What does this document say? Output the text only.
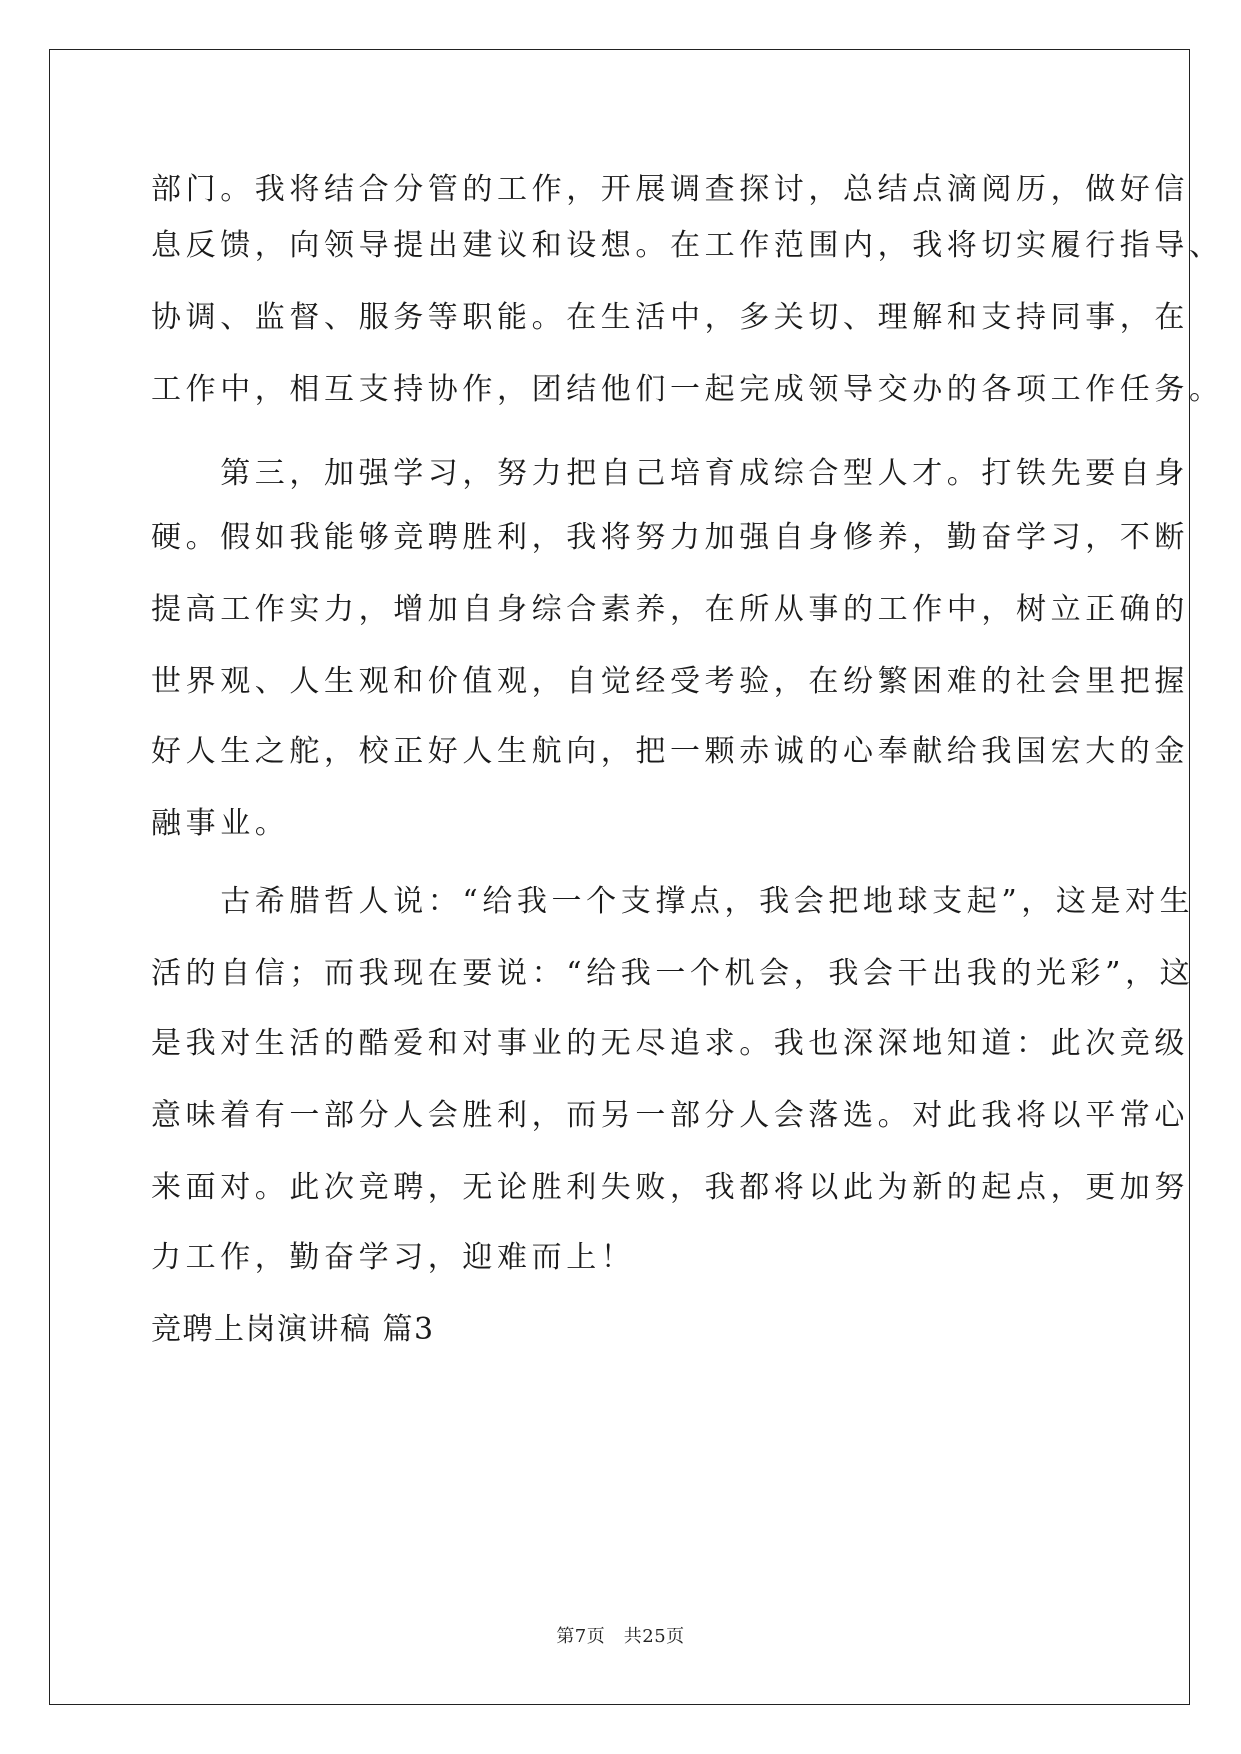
部门。我将结合分管的工作，开展调查探讨，总结点滴阅历，做好信
息反馈，向领导提出建议和设想。在工作范围内，我将切实履行指导、
协调、监督、服务等职能。在生活中，多关切、理解和支持同事，在
工作中，相互支持协作，团结他们一起完成领导交办的各项工作任务。
　　第三，加强学习，努力把自己培育成综合型人才。打铁先要自身
硬。假如我能够竞聘胜利，我将努力加强自身修养，勤奋学习，不断
提高工作实力，增加自身综合素养，在所从事的工作中，树立正确的
世界观、人生观和价值观，自觉经受考验，在纷繁困难的社会里把握
好人生之舵，校正好人生航向，把一颗赤诚的心奉献给我国宏大的金
融事业。
　　古希腊哲人说：“给我一个支撑点，我会把地球支起”，这是对生
活的自信；而我现在要说：“给我一个机会，我会干出我的光彩”，这
是我对生活的酷爱和对事业的无尽追求。我也深深地知道：此次竞级
意味着有一部分人会胜利，而另一部分人会落选。对此我将以平常心
来面对。此次竞聘，无论胜利失败，我都将以此为新的起点，更加努
力工作，勤奋学习，迎难而上！
竞聘上岗演讲稿 篇3
第7页　共25页
